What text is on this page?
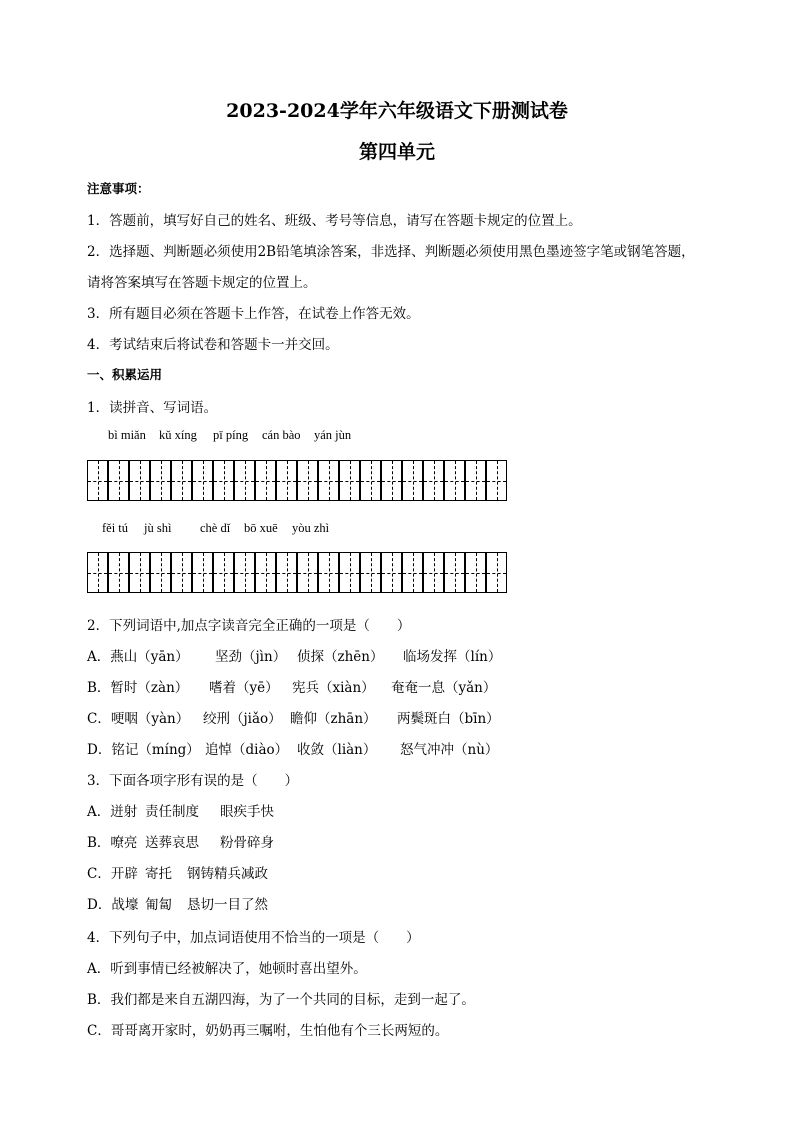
2023-2024学年六年级语文下册测试卷
第四单元
注意事项：
1．答题前，填写好自己的姓名、班级、考号等信息，请写在答题卡规定的位置上。
2．选择题、判断题必须使用2B铅笔填涂答案，非选择、判断题必须使用黑色墨迹签字笔或钢笔答题，
请将答案填写在答题卡规定的位置上。
3．所有题目必须在答题卡上作答，在试卷上作答无效。
4．考试结束后将试卷和答题卡一并交回。
一、积累运用
1．读拼音、写词语。
bì miǎn kǔ xíng pī píng cán bào yán jùn
fěi tú jù shì chè dǐ bō xuē yòu zhì
2．下列词语中,加点字读音完全正确的一项是（　　）
A．燕山（yān） 坚劲（jìn） 侦探（zhēn） 临场发挥（lín）
B．暂时（zàn） 嗜着（yē） 宪兵（xiàn） 奄奄一息（yǎn）
C．哽咽（yàn） 绞刑（jiǎo） 瞻仰（zhān） 两鬓斑白（bīn）
D．铭记（míng） 追悼（diào） 收敛（liàn） 怒气冲冲（nù）
3．下面各项字形有误的是（　　）
A．迸射 责任制度 眼疾手快
B．嘹亮 送葬哀思 粉骨碎身
C．开辟 寄托 钢铸精兵减政
D．战壕 匍匐 恳切一目了然
4．下列句子中，加点词语使用不恰当的一项是（　　）
A．听到事情已经被解决了，她顿时喜出望外。
B．我们都是来自五湖四海，为了一个共同的目标，走到一起了。
C．哥哥离开家时，奶奶再三嘱咐，生怕他有个三长两短的。
